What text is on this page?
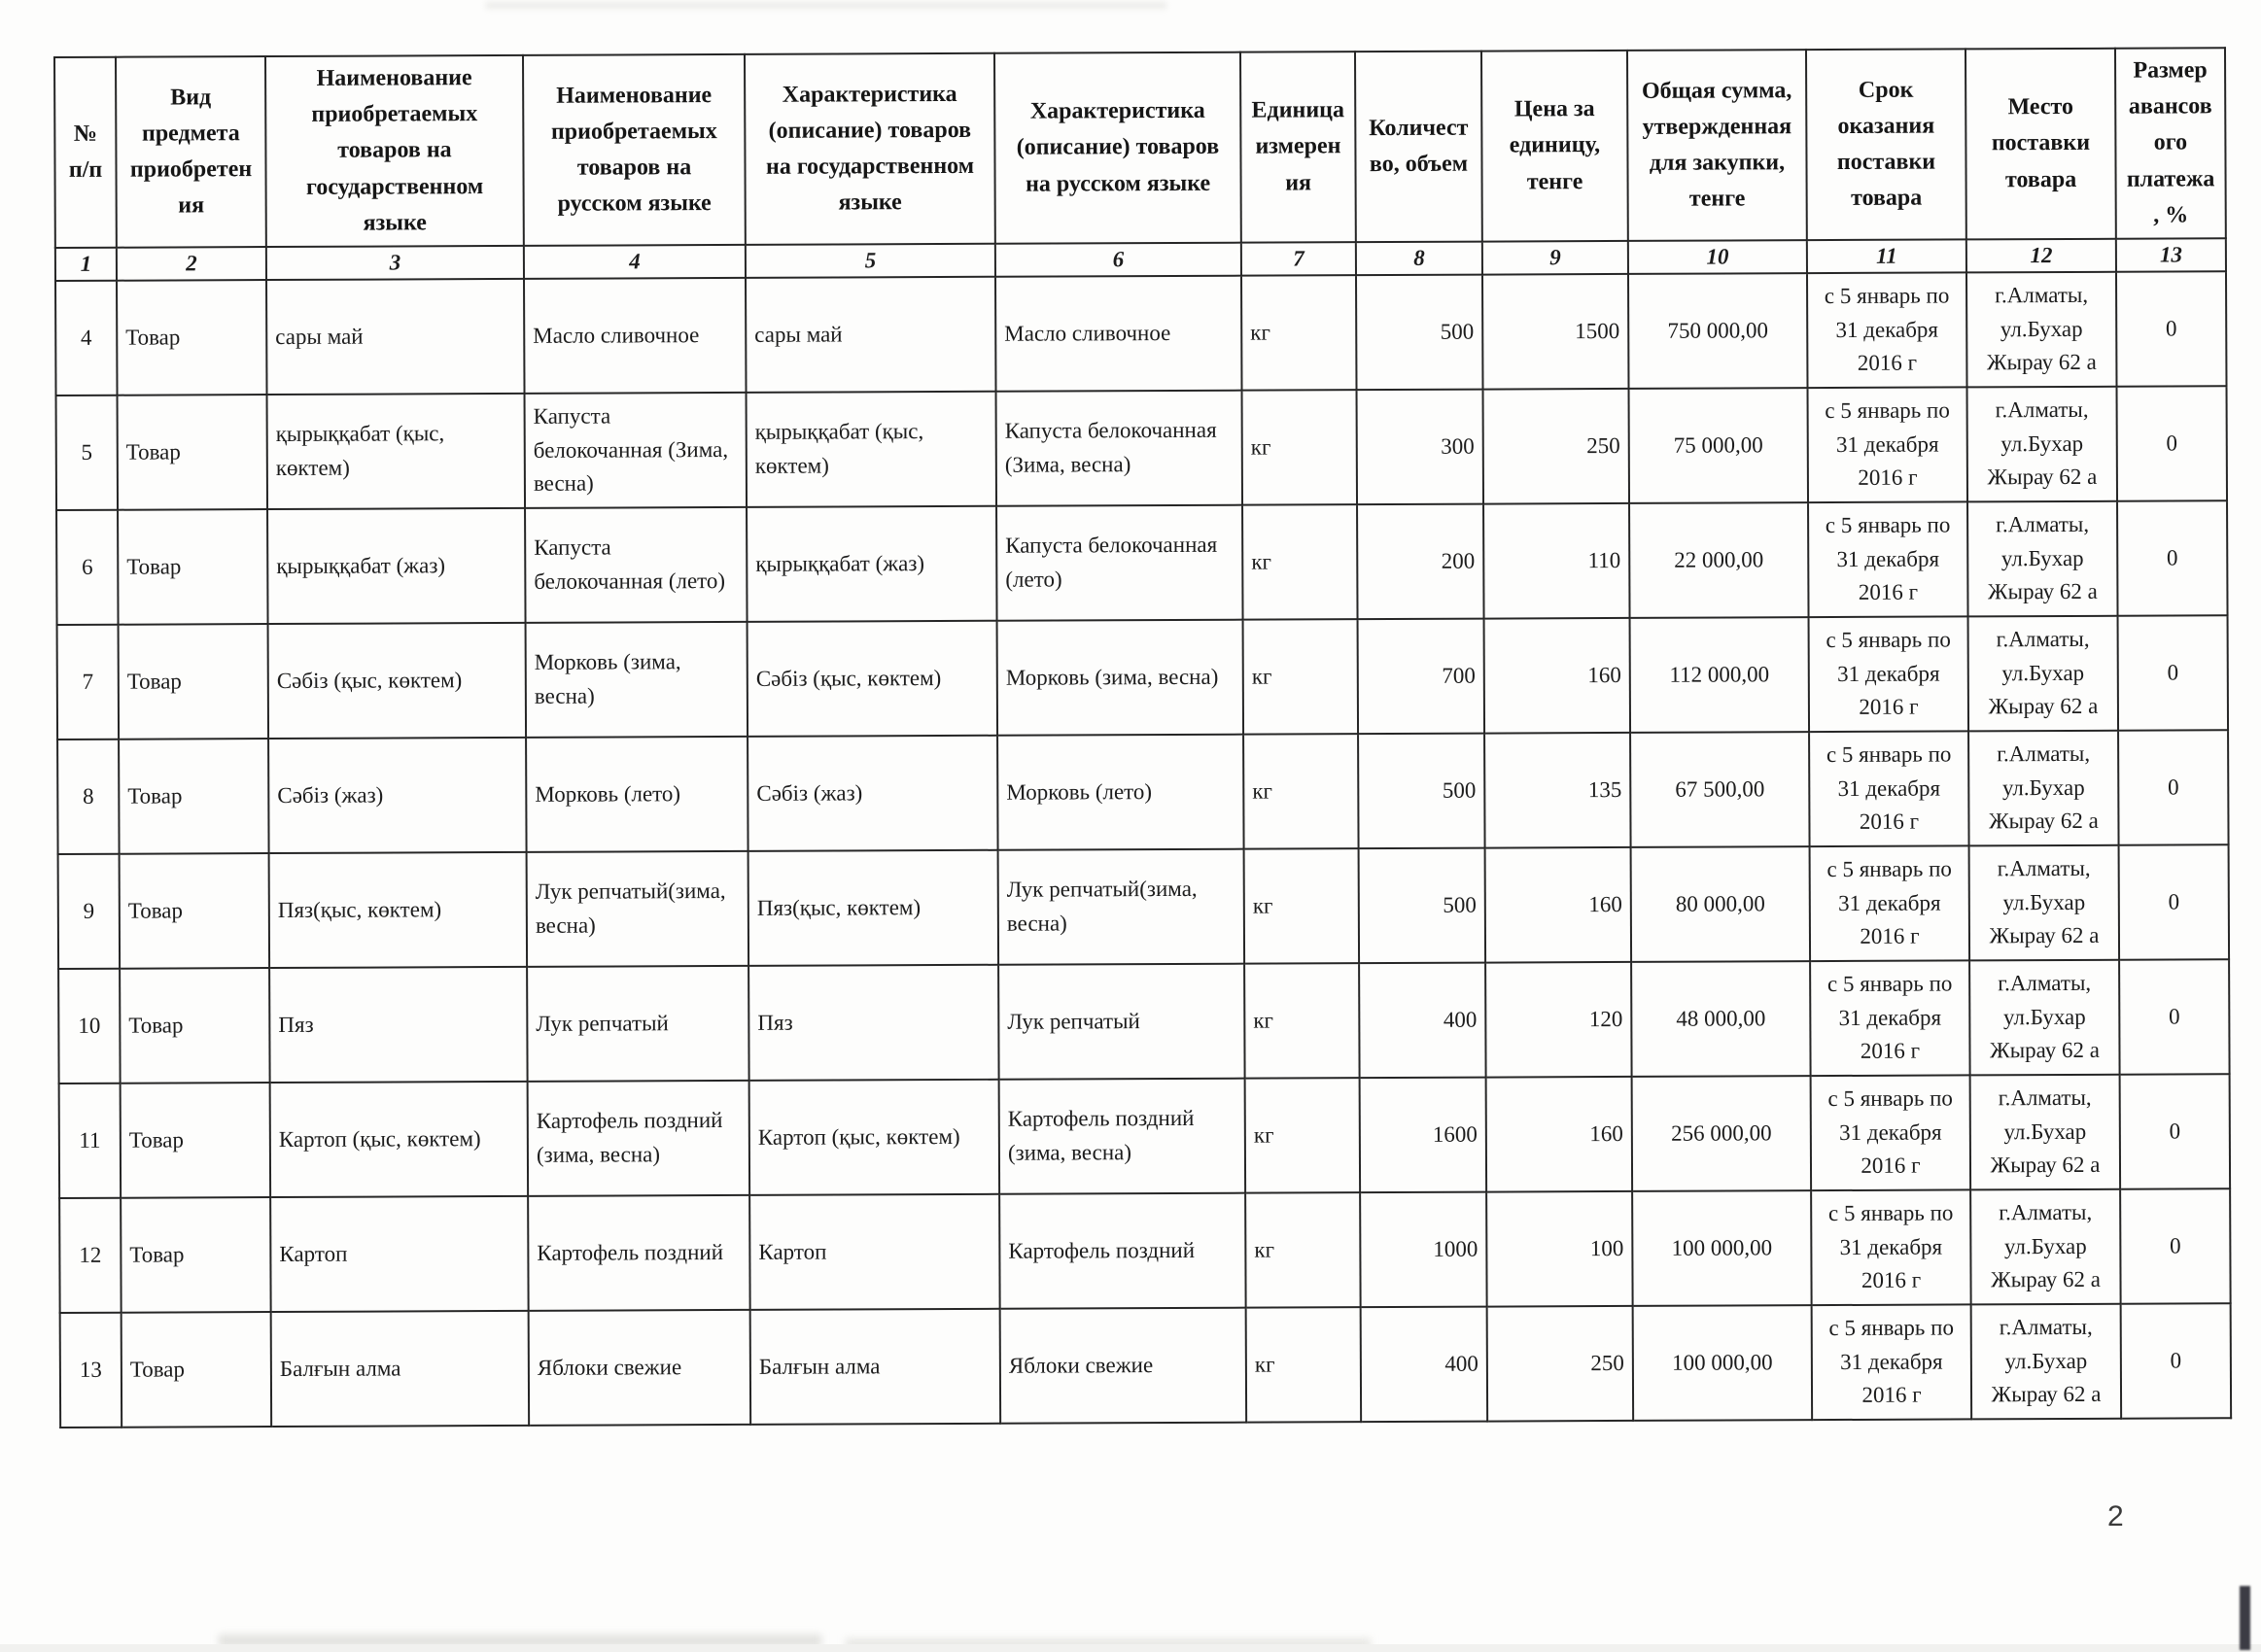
№ п/п	Вид предмета приобретения	Наименование приобретаемых товаров на государственном языке	Наименование приобретаемых товаров на русском языке	Характеристика (описание) товаров на государственном языке	Характеристика (описание) товаров на русском языке	Единица измерения	Количество, объем	Цена за единицу, тенге	Общая сумма, утвержденная для закупки, тенге	Срок оказания поставки товара	Место поставки товара	Размер авансового платежа, %
1	2	3	4	5	6	7	8	9	10	11	12	13
4	Товар	сары май	Масло сливочное	сары май	Масло сливочное	кг	500	1500	750 000,00	с 5 январь по 31 декабря 2016 г	г.Алматы, ул.Бухар Жырау 62 а	0
5	Товар	қырыққабат (қыс, көктем)	Капуста белокочанная (Зима, весна)	қырыққабат (қыс, көктем)	Капуста белокочанная (Зима, весна)	кг	300	250	75 000,00	с 5 январь по 31 декабря 2016 г	г.Алматы, ул.Бухар Жырау 62 а	0
6	Товар	қырыққабат (жаз)	Капуста белокочанная (лето)	қырыққабат (жаз)	Капуста белокочанная (лето)	кг	200	110	22 000,00	с 5 январь по 31 декабря 2016 г	г.Алматы, ул.Бухар Жырау 62 а	0
7	Товар	Сәбіз (қыс, көктем)	Морковь (зима, весна)	Сәбіз (қыс, көктем)	Морковь (зима, весна)	кг	700	160	112 000,00	с 5 январь по 31 декабря 2016 г	г.Алматы, ул.Бухар Жырау 62 а	0
8	Товар	Сәбіз (жаз)	Морковь (лето)	Сәбіз (жаз)	Морковь (лето)	кг	500	135	67 500,00	с 5 январь по 31 декабря 2016 г	г.Алматы, ул.Бухар Жырау 62 а	0
9	Товар	Пяз(қыс, көктем)	Лук репчатый(зима, весна)	Пяз(қыс, көктем)	Лук репчатый(зима, весна)	кг	500	160	80 000,00	с 5 январь по 31 декабря 2016 г	г.Алматы, ул.Бухар Жырау 62 а	0
10	Товар	Пяз	Лук репчатый	Пяз	Лук репчатый	кг	400	120	48 000,00	с 5 январь по 31 декабря 2016 г	г.Алматы, ул.Бухар Жырау 62 а	0
11	Товар	Картоп (қыс, көктем)	Картофель поздний (зима, весна)	Картоп (қыс, көктем)	Картофель поздний (зима, весна)	кг	1600	160	256 000,00	с 5 январь по 31 декабря 2016 г	г.Алматы, ул.Бухар Жырау 62 а	0
12	Товар	Картоп	Картофель поздний	Картоп	Картофель поздний	кг	1000	100	100 000,00	с 5 январь по 31 декабря 2016 г	г.Алматы, ул.Бухар Жырау 62 а	0
13	Товар	Балғын алма	Яблоки свежие	Балғын алма	Яблоки свежие	кг	400	250	100 000,00	с 5 январь по 31 декабря 2016 г	г.Алматы, ул.Бухар Жырау 62 а	0
2
